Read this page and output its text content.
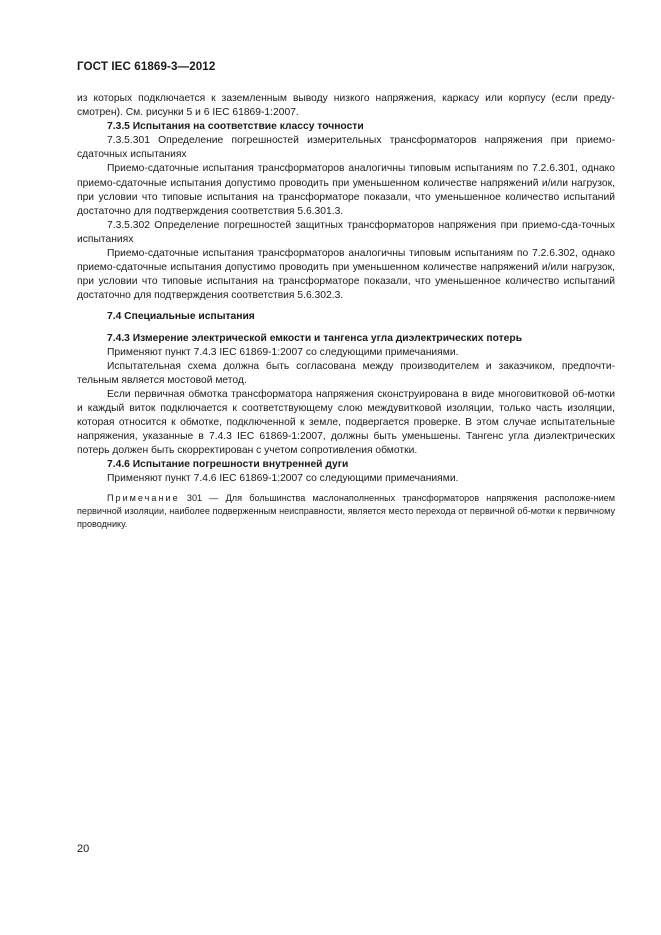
ГОСТ IEC 61869-3—2012

из которых подключается к заземленным выводу низкого напряжения, каркасу или корпусу (если преду-смотрен). См. рисунки 5 и 6 IEC 61869-1:2007.

7.3.5 Испытания на соответствие классу точности

7.3.5.301 Определение погрешностей измерительных трансформаторов напряжения при приемо-сдаточных испытаниях

Приемо-сдаточные испытания трансформаторов аналогичны типовым испытаниям по 7.2.6.301, однако приемо-сдаточные испытания допустимо проводить при уменьшенном количестве напряжений и/или нагрузок, при условии что типовые испытания на трансформаторе показали, что уменьшенное количество испытаний достаточно для подтверждения соответствия 5.6.301.3.

7.3.5.302 Определение погрешностей защитных трансформаторов напряжения при приемо-сда-точных испытаниях

Приемо-сдаточные испытания трансформаторов аналогичны типовым испытаниям по 7.2.6.302, однако приемо-сдаточные испытания допустимо проводить при уменьшенном количестве напряжений и/или нагрузок, при условии что типовые испытания на трансформаторе показали, что уменьшенное количество испытаний достаточно для подтверждения соответствия 5.6.302.3.

7.4 Специальные испытания

7.4.3 Измерение электрической емкости и тангенса угла диэлектрических потерь

Применяют пункт 7.4.3 IEC 61869-1:2007 со следующими примечаниями.

Испытательная схема должна быть согласована между производителем и заказчиком, предпочти-тельным является мостовой метод.

Если первичная обмотка трансформатора напряжения сконструирована в виде многовитковой об-мотки и каждый виток подключается к соответствующему слою междувитковой изоляции, только часть изоляции, которая относится к обмотке, подключенной к земле, подвергается проверке. В этом случае испытательные напряжения, указанные в 7.4.3 IEC 61869-1:2007, должны быть уменьшены. Тангенс угла диэлектрических потерь должен быть скорректирован с учетом сопротивления обмотки.

7.4.6 Испытание погрешности внутренней дуги

Применяют пункт 7.4.6 IEC 61869-1:2007 со следующими примечаниями.

Примечание 301 — Для большинства маслонаполненных трансформаторов напряжения расположе-нием первичной изоляции, наиболее подверженным неисправности, является место перехода от первичной об-мотки к первичному проводнику.

20
